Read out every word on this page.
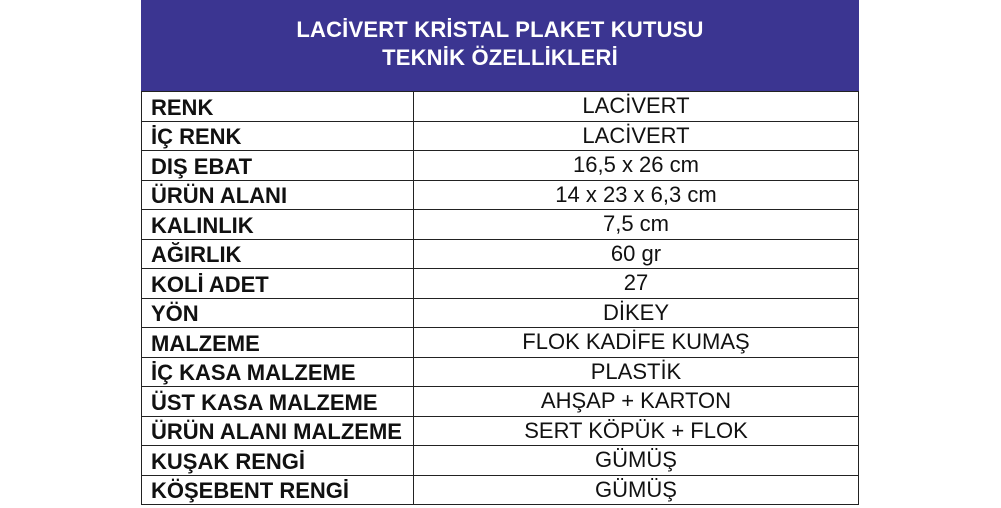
LACİVERT KRİSTAL PLAKET KUTUSU
TEKNİK ÖZELLİKLERİ
RENK	LACİVERT
İÇ RENK	LACİVERT
DIŞ EBAT	16,5 x 26 cm
ÜRÜN ALANI	14 x 23 x 6,3 cm
KALINLIK	7,5 cm
AĞIRLIK	60 gr
KOLİ ADET	27
YÖN	DİKEY
MALZEME	FLOK KADİFE KUMAŞ
İÇ KASA MALZEME	PLASTİK
ÜST KASA MALZEME	AHŞAP + KARTON
ÜRÜN ALANI MALZEME	SERT KÖPÜK + FLOK
KUŞAK RENGİ	GÜMÜŞ
KÖŞEBENT RENGİ	GÜMÜŞ
